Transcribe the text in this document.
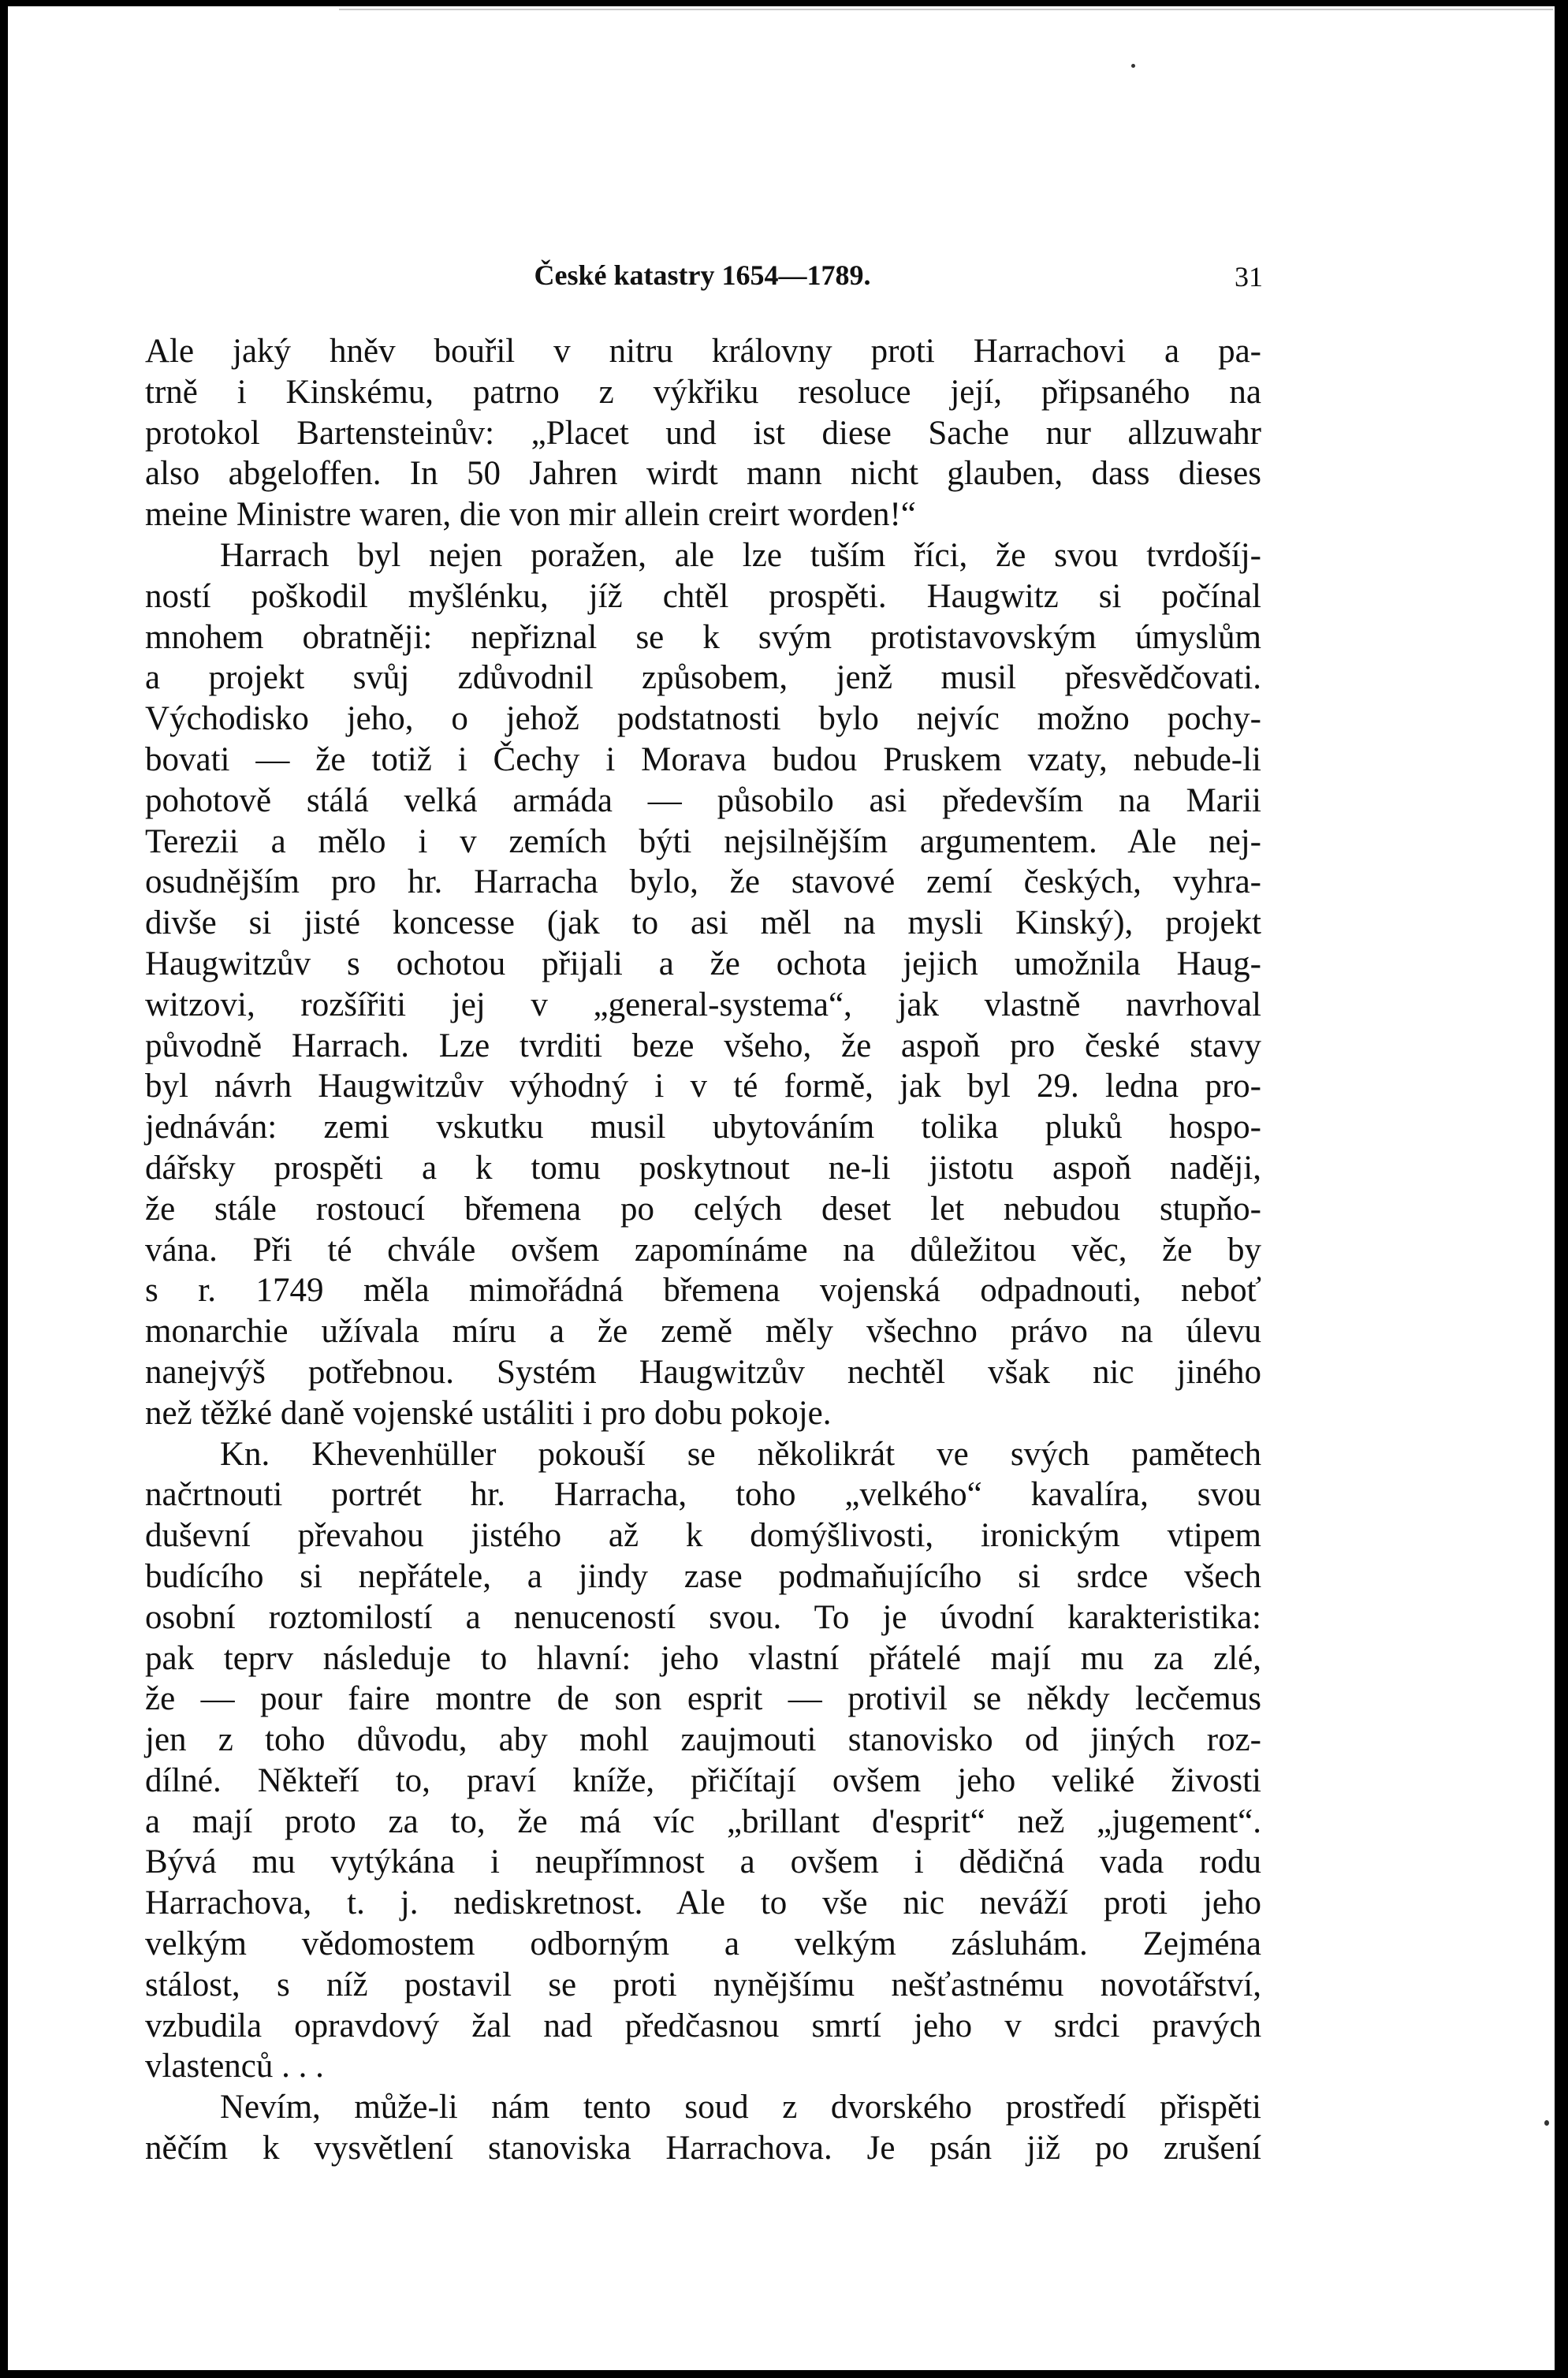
České katastry 1654—1789.	31
Ale jaký hněv bouřil v nitru královny proti Harrachovi a pa-
trně i Kinskému, patrno z výkřiku resoluce její, připsaného na
protokol Bartensteinův: „Placet und ist diese Sache nur allzuwahr
also abgeloffen. In 50 Jahren wirdt mann nicht glauben, dass dieses
meine Ministre waren, die von mir allein creirt worden!“
Harrach byl nejen poražen, ale lze tuším říci, že svou tvrdošíj-
ností poškodil myšlénku, jíž chtěl prospěti. Haugwitz si počínal
mnohem obratněji: nepřiznal se k svým protistavovským úmyslům
a projekt svůj zdůvodnil způsobem, jenž musil přesvědčovati.
Východisko jeho, o jehož podstatnosti bylo nejvíc možno pochy-
bovati — že totiž i Čechy i Morava budou Pruskem vzaty, nebude-li
pohotově stálá velká armáda — působilo asi především na Marii
Terezii a mělo i v zemích býti nejsilnějším argumentem. Ale nej-
osudnějším pro hr. Harracha bylo, že stavové zemí českých, vyhra-
divše si jisté koncesse (jak to asi měl na mysli Kinský), projekt
Haugwitzův s ochotou přijali a že ochota jejich umožnila Haug-
witzovi, rozšířiti jej v „general-systema“, jak vlastně navrhoval
původně Harrach. Lze tvrditi beze všeho, že aspoň pro české stavy
byl návrh Haugwitzův výhodný i v té formě, jak byl 29. ledna pro-
jednáván: zemi vskutku musil ubytováním tolika pluků hospo-
dářsky prospěti a k tomu poskytnout ne-li jistotu aspoň naději,
že stále rostoucí břemena po celých deset let nebudou stupňo-
vána. Při té chvále ovšem zapomínáme na důležitou věc, že by
s r. 1749 měla mimořádná břemena vojenská odpadnouti, neboť
monarchie užívala míru a že země měly všechno právo na úlevu
nanejvýš potřebnou. Systém Haugwitzův nechtěl však nic jiného
než těžké daně vojenské ustáliti i pro dobu pokoje.
Kn. Khevenhüller pokouší se několikrát ve svých pamětech
načrtnouti portrét hr. Harracha, toho „velkého“ kavalíra, svou
duševní převahou jistého až k domýšlivosti, ironickým vtipem
budícího si nepřátele, a jindy zase podmaňujícího si srdce všech
osobní roztomilostí a nenuceností svou. To je úvodní karakteristika:
pak teprv následuje to hlavní: jeho vlastní přátelé mají mu za zlé,
že — pour faire montre de son esprit — protivil se někdy lecčemus
jen z toho důvodu, aby mohl zaujmouti stanovisko od jiných roz-
dílné. Někteří to, praví kníže, přičítají ovšem jeho veliké živosti
a mají proto za to, že má víc „brillant d'esprit“ než „jugement“.
Bývá mu vytýkána i neupřímnost a ovšem i dědičná vada rodu
Harrachova, t. j. nediskretnost. Ale to vše nic neváží proti jeho
velkým vědomostem odborným a velkým zásluhám. Zejména
stálost, s níž postavil se proti nynějšímu nešťastnému novotářství,
vzbudila opravdový žal nad předčasnou smrtí jeho v srdci pravých
vlastenců . . .
Nevím, může-li nám tento soud z dvorského prostředí přispěti
něčím k vysvětlení stanoviska Harrachova. Je psán již po zrušení
